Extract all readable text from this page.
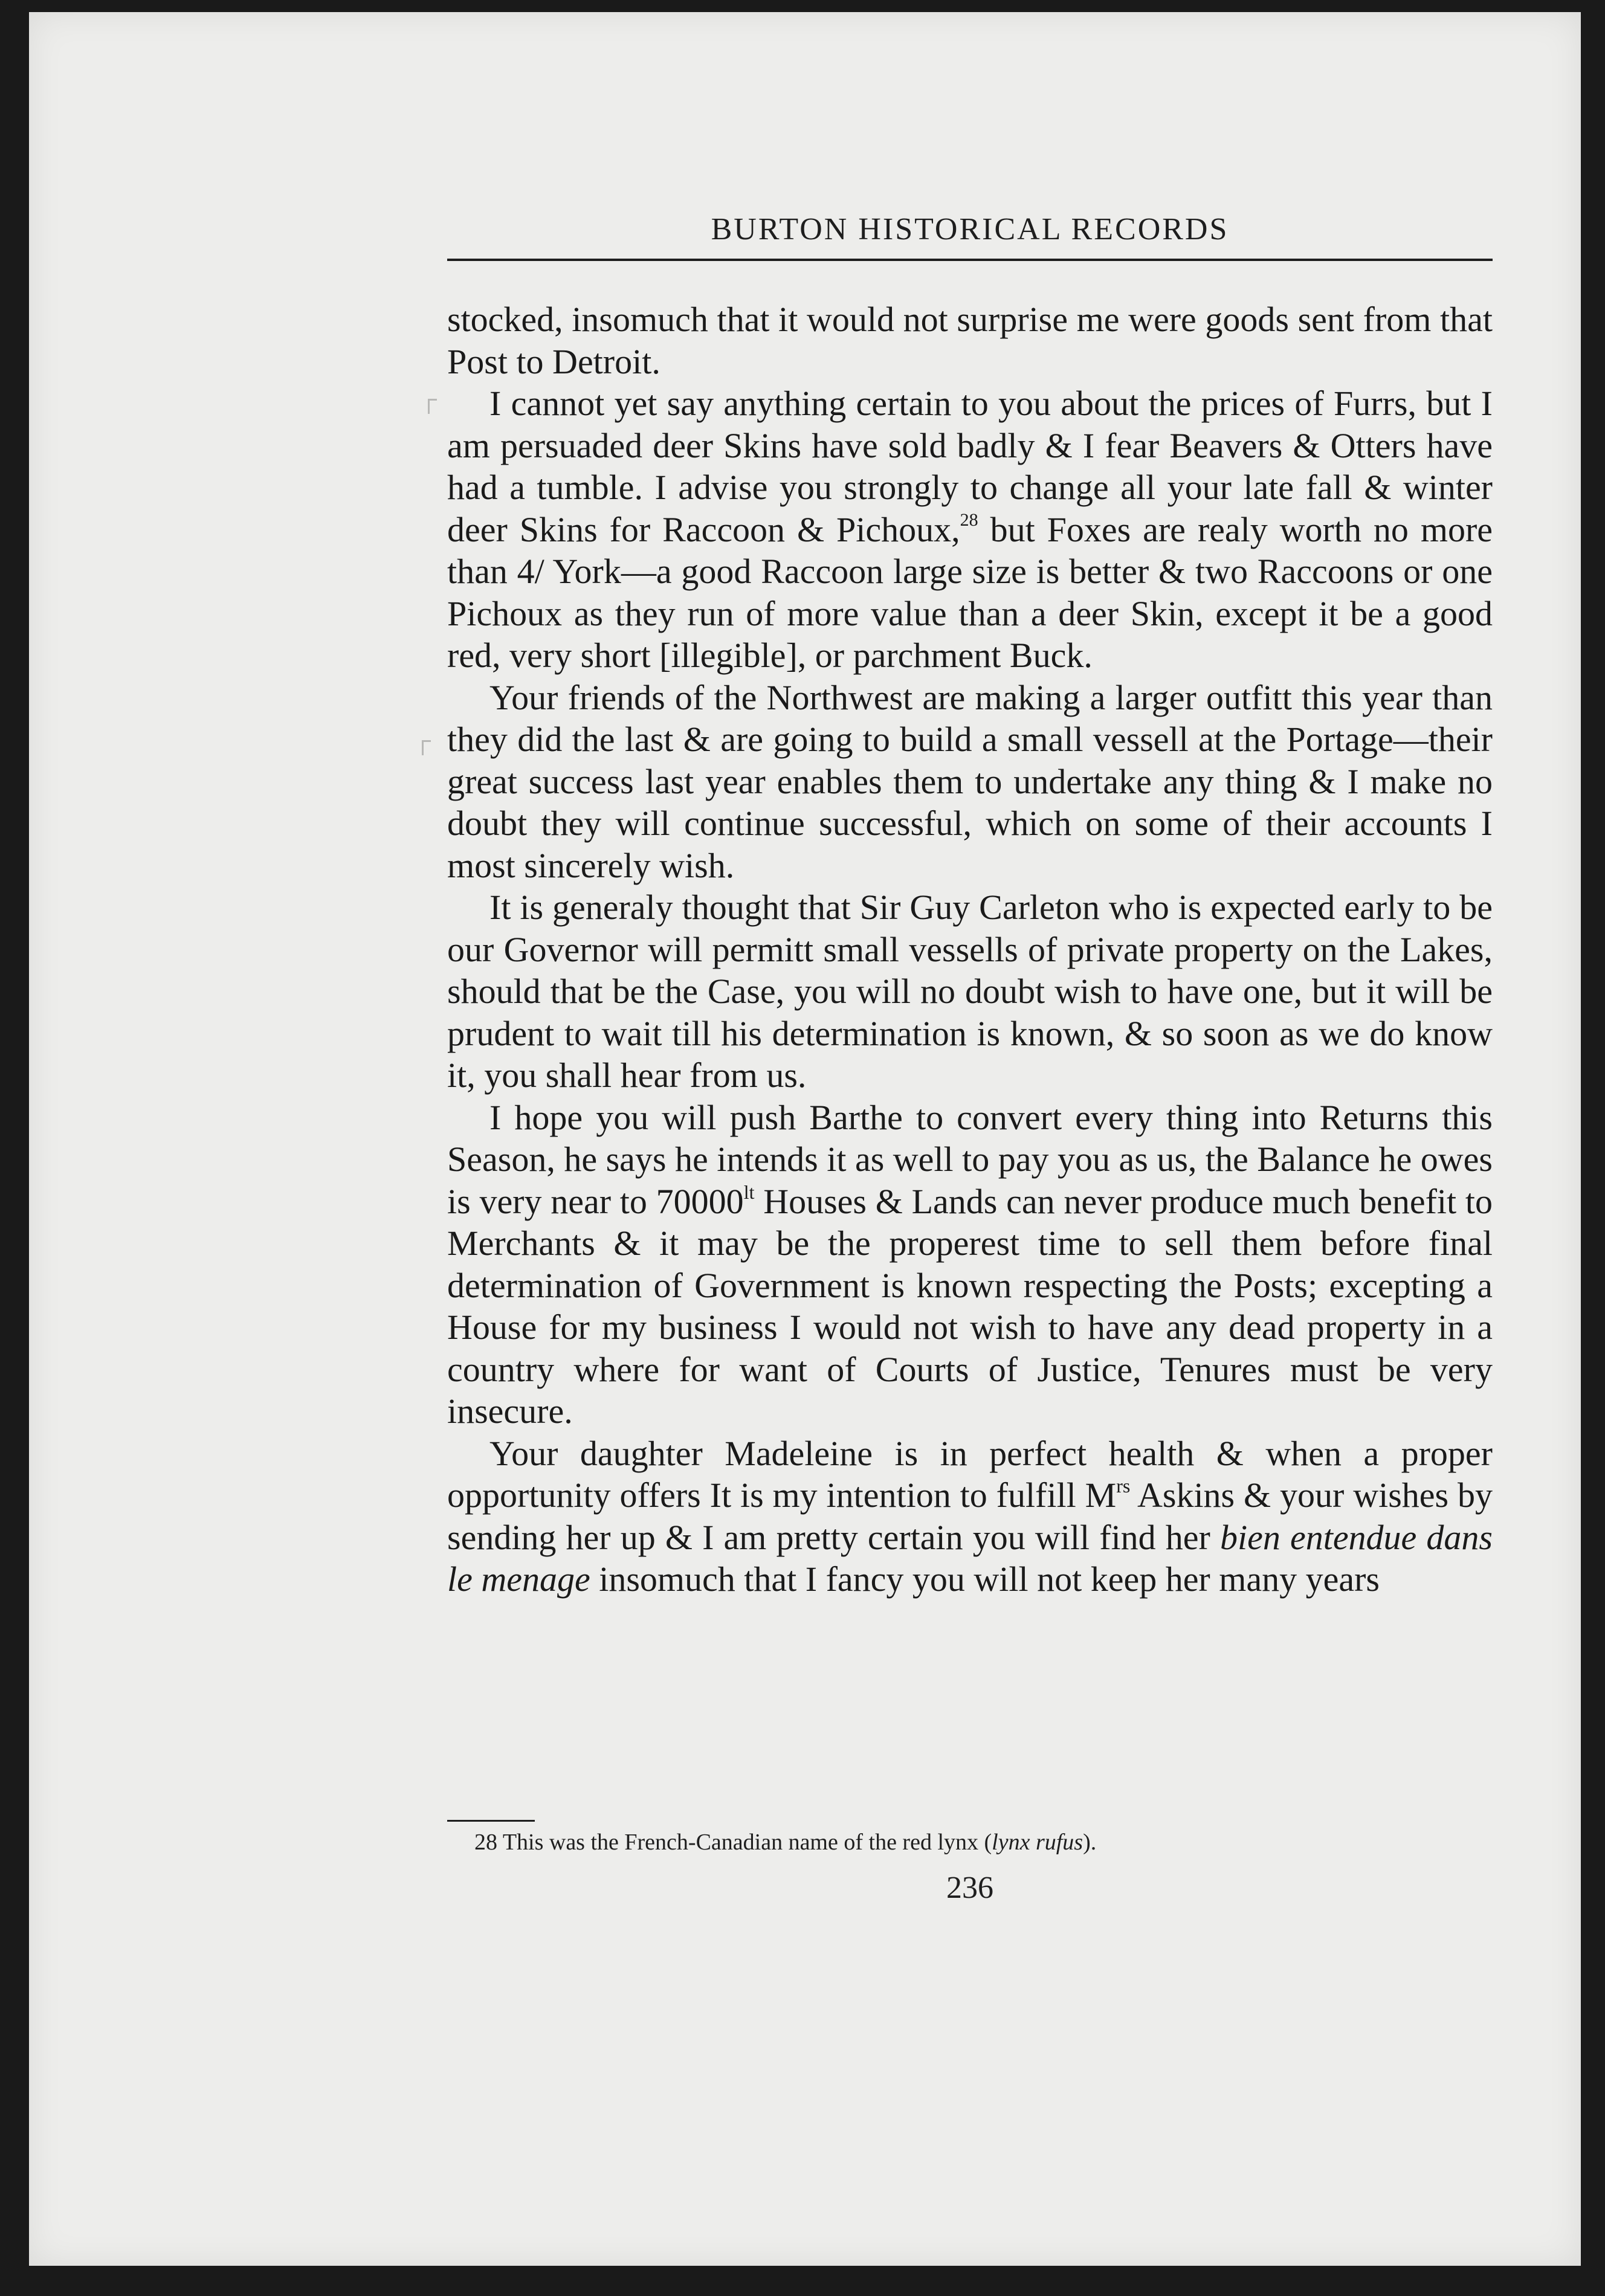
BURTON HISTORICAL RECORDS

stocked, insomuch that it would not surprise me were goods sent from that Post to Detroit.

I cannot yet say anything certain to you about the prices of Furrs, but I am persuaded deer Skins have sold badly & I fear Beavers & Otters have had a tumble. I advise you strongly to change all your late fall & winter deer Skins for Raccoon & Pichoux,$^{28}$ but Foxes are realy worth no more than 4/ York—a good Raccoon large size is better & two Raccoons or one Pichoux as they run of more value than a deer Skin, except it be a good red, very short [illegible], or parchment Buck.

Your friends of the Northwest are making a larger outfitt this year than they did the last & are going to build a small vessell at the Portage—their great success last year enables them to undertake any thing & I make no doubt they will continue successful, which on some of their accounts I most sincerely wish.

It is generaly thought that Sir Guy Carleton who is expected early to be our Governor will permitt small vessells of private property on the Lakes, should that be the Case, you will no doubt wish to have one, but it will be prudent to wait till his determination is known, & so soon as we do know it, you shall hear from us.

I hope you will push Barthe to convert every thing into Returns this Season, he says he intends it as well to pay you as us, the Balance he owes is very near to $70000^{lt}$ Houses & Lands can never produce much benefit to Merchants & it may be the properest time to sell them before final determination of Government is known respecting the Posts; excepting a House for my business I would not wish to have any dead property in a country where for want of Courts of Justice, Tenures must be very insecure.

Your daughter Madeleine is in perfect health & when a proper opportunity offers It is my intention to fulfill $M^{rs}$ Askins & your wishes by sending her up & I am pretty certain you will find her bien entendue dans le menage insomuch that I fancy you will not keep her many years

28 This was the French-Canadian name of the red lynx (lynx rufus).
236
